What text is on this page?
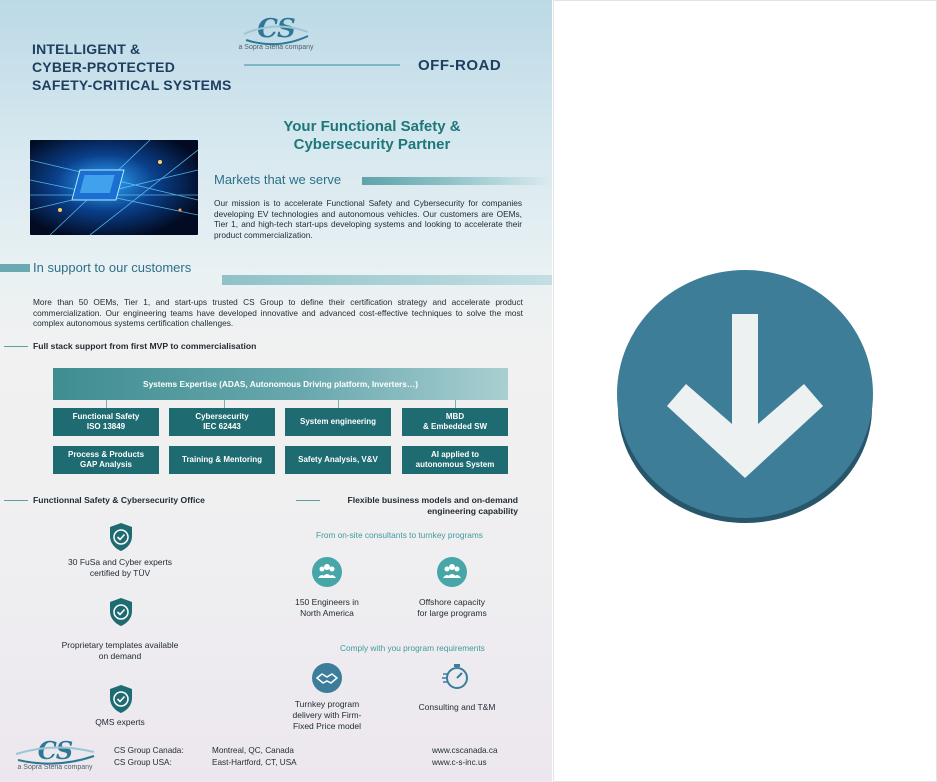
CS
a Sopra Steria company
INTELLIGENT &
CYBER-PROTECTED
SAFETY-CRITICAL SYSTEMS
OFF-ROAD
Your Functional Safety &
Cybersecurity Partner
Markets that we serve
Our mission is to accelerate Functional Safety and Cybersecurity for companies developing EV technologies and autonomous vehicles. Our customers are OEMs, Tier 1, and high-tech start-ups developing systems and looking to accelerate their product commercialization.
In support to our customers
More than 50 OEMs, Tier 1, and start-ups trusted CS Group to define their certification strategy and accelerate product commercialization. Our engineering teams have developed innovative and advanced cost-effective techniques to solve the most complex autonomous systems certification challenges.
Full stack support from first MVP to commercialisation
Systems Expertise (ADAS, Autonomous Driving platform, Inverters…)
Functional Safety
ISO 13849
Cybersecurity
IEC 62443
System engineering
MBD
& Embedded SW
Process & Products
GAP Analysis
Training & Mentoring	Safety Analysis, V&V
AI applied to
autonomous System
Functionnal Safety & Cybersecurity Office
30 FuSa and Cyber experts
certified by TÜV
Proprietary templates available
on demand
QMS experts
Flexible business models and on-demand
engineering capability
From on-site consultants to turnkey programs
150 Engineers in
North America
Offshore capacity
for large programs
Comply with you program requirements
Turnkey program
delivery with Firm-
Fixed Price model
Consulting and T&M
CS
a Sopra Steria company
CS Group Canada:
CS Group USA:
Montreal, QC, Canada
East-Hartford, CT, USA
www.cscanada.ca
www.c-s-inc.us
